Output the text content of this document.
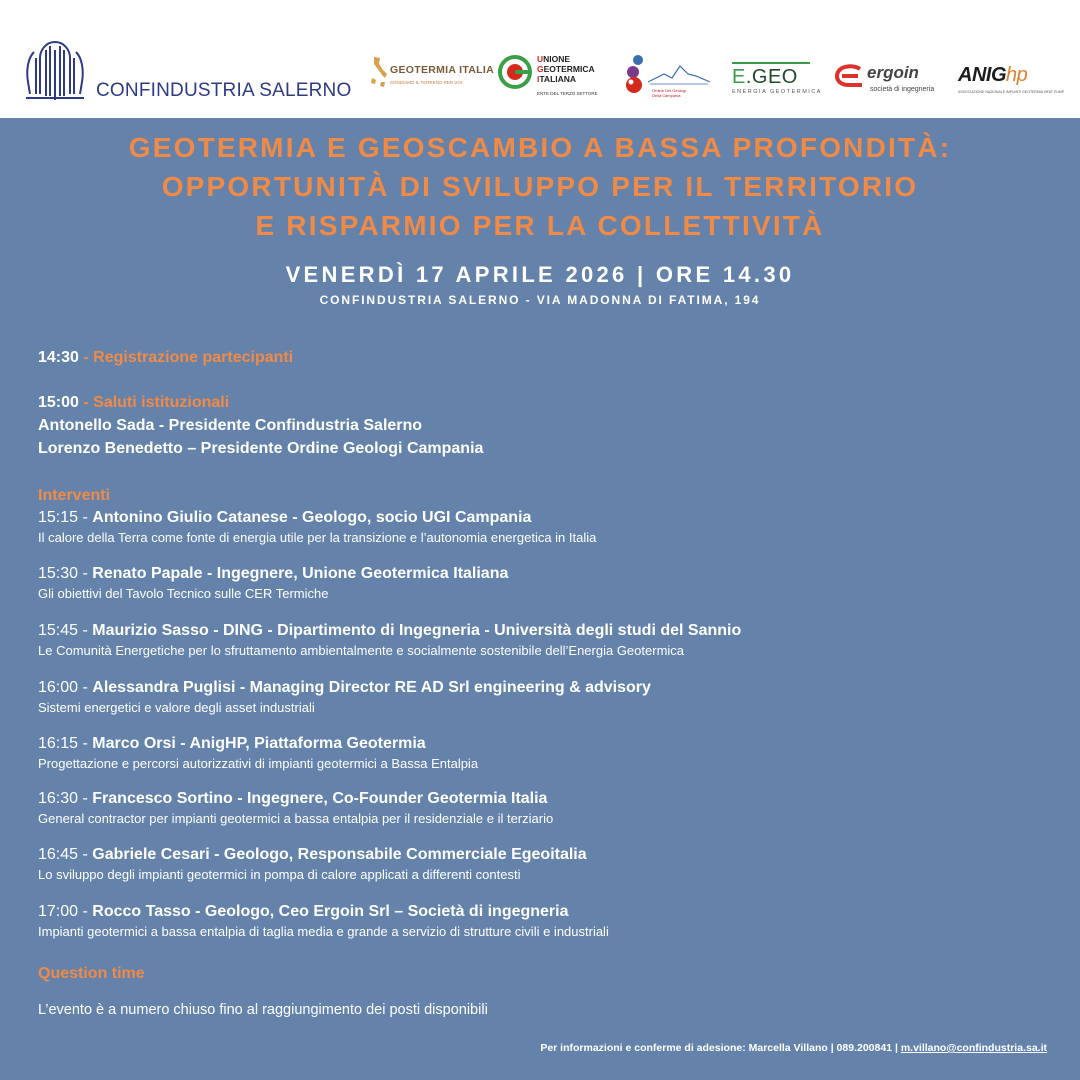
CONFINDUSTRIA SALERNO
GEOTERMIA ITALIA
SONDIAMO IL TERRENO PER VOI
UNIONE
GEOTERMICA
ITALIANA
ENTE DEL TERZO SETTORE
Ordine Dei Geologi
Della Campania
E.GEO
ENERGIA GEOTERMICA
ergoin
società di ingegneria
ANIGhp
ASSOCIAZIONE NAZIONALE IMPIANTI GEOTERMIA HEAT PUMP
GEOTERMIA E GEOSCAMBIO A BASSA PROFONDITÀ:
OPPORTUNITÀ DI SVILUPPO PER IL TERRITORIO
E RISPARMIO PER LA COLLETTIVITÀ
VENERDÌ 17 APRILE 2026 | ORE 14.30
CONFINDUSTRIA SALERNO - VIA MADONNA DI FATIMA, 194
14:30 - Registrazione partecipanti
15:00 - Saluti istituzionali
Antonello Sada - Presidente Confindustria Salerno
Lorenzo Benedetto – Presidente Ordine Geologi Campania
Interventi
15:15 - Antonino Giulio Catanese - Geologo, socio UGI Campania
Il calore della Terra come fonte di energia utile per la transizione e l’autonomia energetica in Italia
15:30 - Renato Papale - Ingegnere, Unione Geotermica Italiana
Gli obiettivi del Tavolo Tecnico sulle CER Termiche
15:45 - Maurizio Sasso - DING - Dipartimento di Ingegneria - Università degli studi del Sannio
Le Comunità Energetiche per lo sfruttamento ambientalmente e socialmente sostenibile dell’Energia Geotermica
16:00 - Alessandra Puglisi - Managing Director RE AD Srl engineering & advisory
Sistemi energetici e valore degli asset industriali
16:15 - Marco Orsi - AnigHP, Piattaforma Geotermia
Progettazione e percorsi autorizzativi di impianti geotermici a Bassa Entalpia
16:30 - Francesco Sortino - Ingegnere, Co-Founder Geotermia Italia
General contractor per impianti geotermici a bassa entalpia per il residenziale e il terziario
16:45 - Gabriele Cesari - Geologo, Responsabile Commerciale Egeoitalia
Lo sviluppo degli impianti geotermici in pompa di calore applicati a differenti contesti
17:00 - Rocco Tasso - Geologo, Ceo Ergoin Srl – Società di ingegneria
Impianti geotermici a bassa entalpia di taglia media e grande a servizio di strutture civili e industriali
Question time
L’evento è a numero chiuso fino al raggiungimento dei posti disponibili
Per informazioni e conferme di adesione: Marcella Villano | 089.200841 | m.villano@confindustria.sa.it
